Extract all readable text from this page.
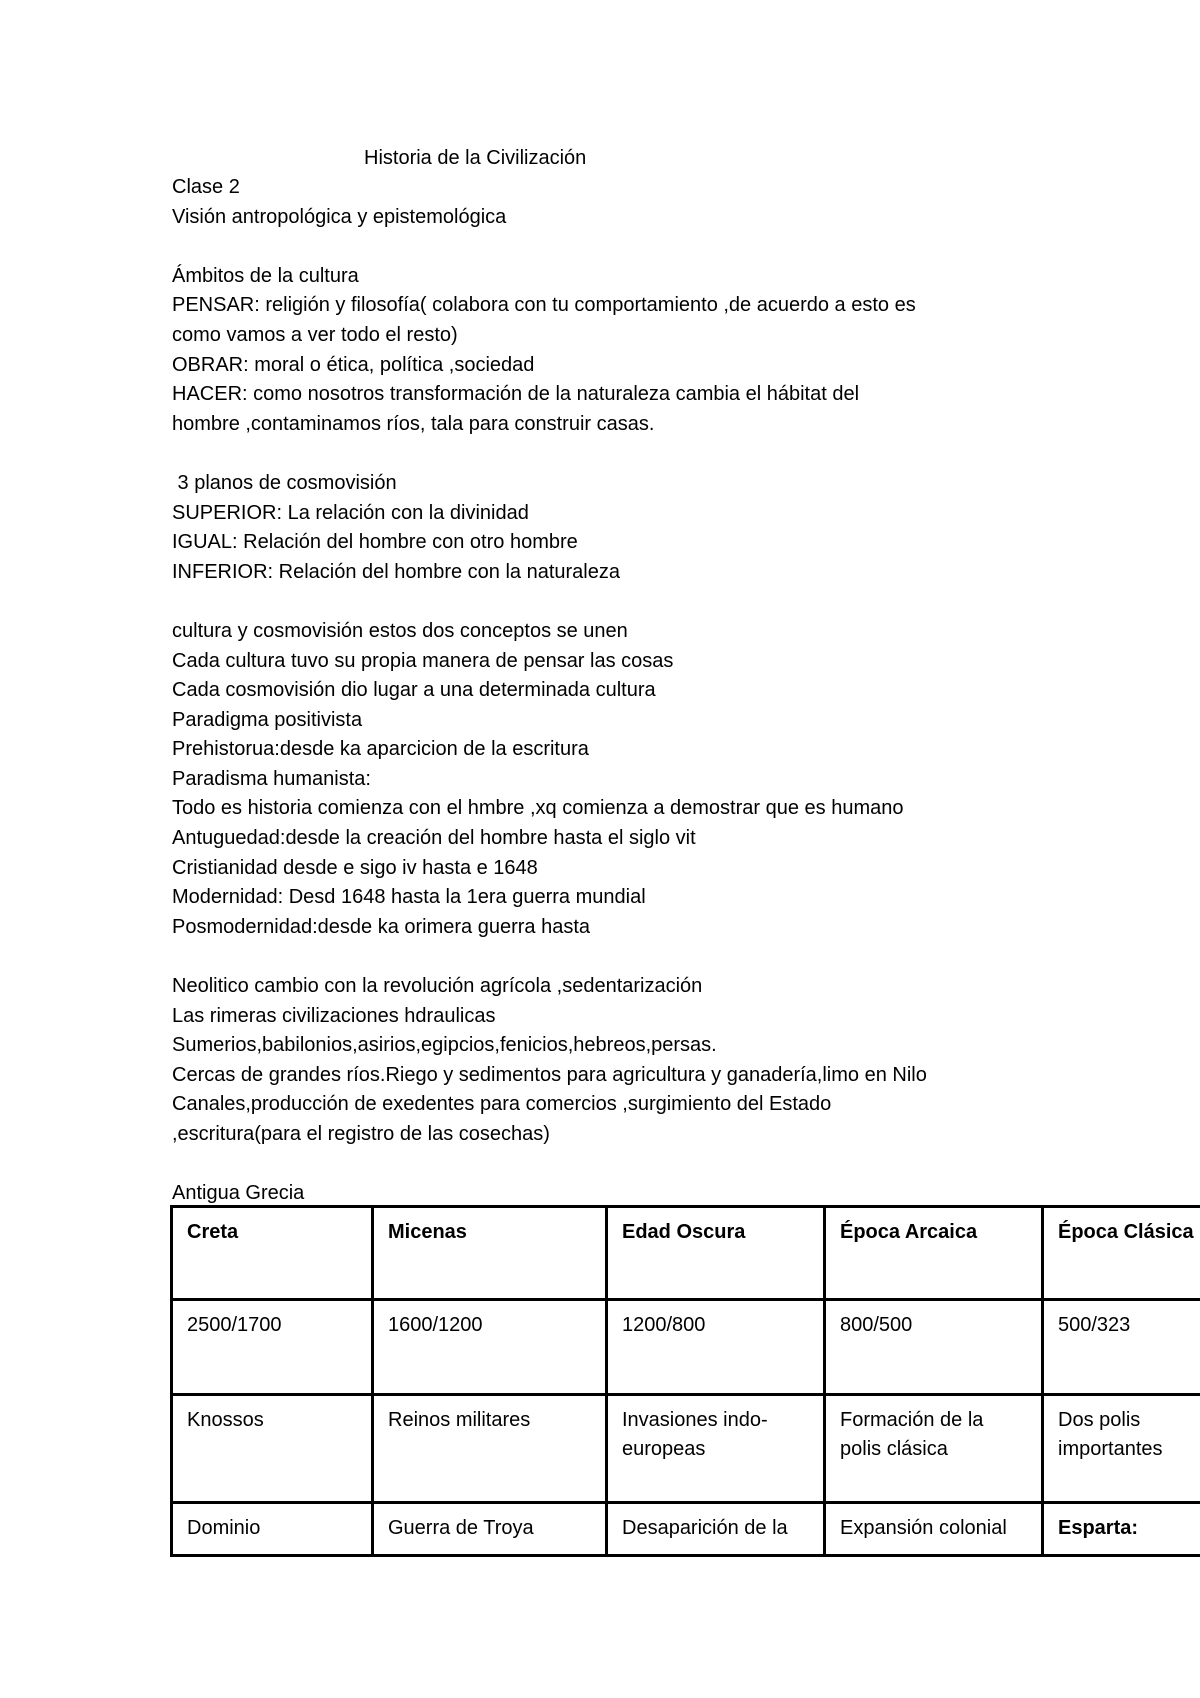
Historia de la Civilización
Clase 2
Visión antropológica y epistemológica
Ámbitos de la cultura
PENSAR: religión y filosofía( colabora con tu comportamiento ,de acuerdo a esto es
como vamos a ver todo el resto)
OBRAR: moral o ética, política ,sociedad
HACER: como nosotros transformación de la naturaleza cambia el hábitat del
hombre ,contaminamos ríos, tala para construir casas.
3 planos de cosmovisión
SUPERIOR: La relación con la divinidad
IGUAL: Relación del hombre con otro hombre
INFERIOR: Relación del hombre con la naturaleza
cultura y cosmovisión estos dos conceptos se unen
Cada cultura tuvo su propia manera de pensar las cosas
Cada cosmovisión dio lugar a una determinada cultura
Paradigma positivista
Prehistorua:desde ka aparcicion de la escritura
Paradisma humanista:
Todo es historia comienza con el hmbre ,xq comienza a demostrar que es humano
Antuguedad:desde la creación del hombre hasta el siglo vit
Cristianidad desde e sigo iv hasta e 1648
Modernidad: Desd 1648 hasta la 1era guerra mundial
Posmodernidad:desde ka orimera guerra hasta
Neolitico cambio con la revolución agrícola ,sedentarización
Las rimeras civilizaciones hdraulicas
Sumerios,babilonios,asirios,egipcios,fenicios,hebreos,persas.
Cercas de grandes ríos.Riego y sedimentos para agricultura y ganadería,limo en Nilo
Canales,producción de exedentes para comercios ,surgimiento del Estado
,escritura(para el registro de las cosechas)
Antigua Grecia
Creta	Micenas	Edad Oscura	Época Arcaica	Época Clásica
2500/1700	1600/1200	1200/800	800/500	500/323
Knossos	Reinos militares	Invasiones indo-europeas	Formación de la polis clásica	Dos polis importantes
Dominio	Guerra de Troya	Desaparición de la	Expansión colonial	Esparta:
